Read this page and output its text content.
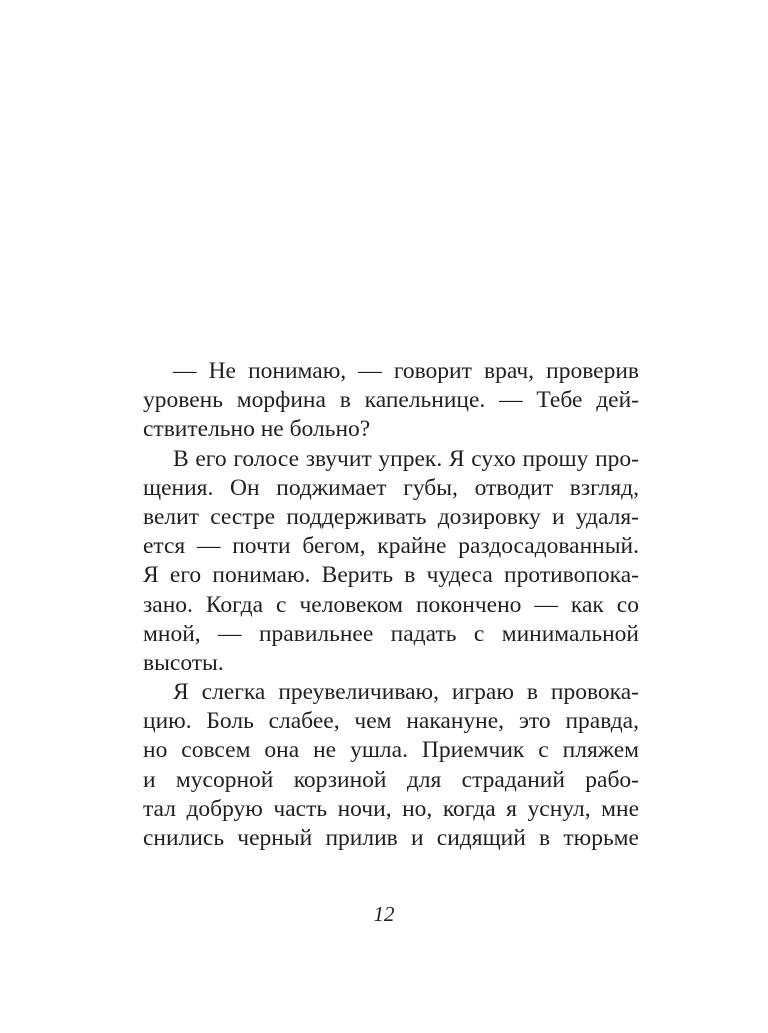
— Не понимаю, — говорит врач, проверив
уровень морфина в капельнице. — Тебе дей-
ствительно не больно?
В его голосе звучит упрек. Я сухо прошу про-
щения. Он поджимает губы, отводит взгляд,
велит сестре поддерживать дозировку и удаля-
ется — почти бегом, крайне раздосадованный.
Я его понимаю. Верить в чудеса противопока-
зано. Когда с человеком покончено — как со
мной, — правильнее падать с минимальной
высоты.
Я слегка преувеличиваю, играю в провока-
цию. Боль слабее, чем накануне, это правда,
но совсем она не ушла. Приемчик с пляжем
и мусорной корзиной для страданий рабо-
тал добрую часть ночи, но, когда я уснул, мне
снились черный прилив и сидящий в тюрьме
12
